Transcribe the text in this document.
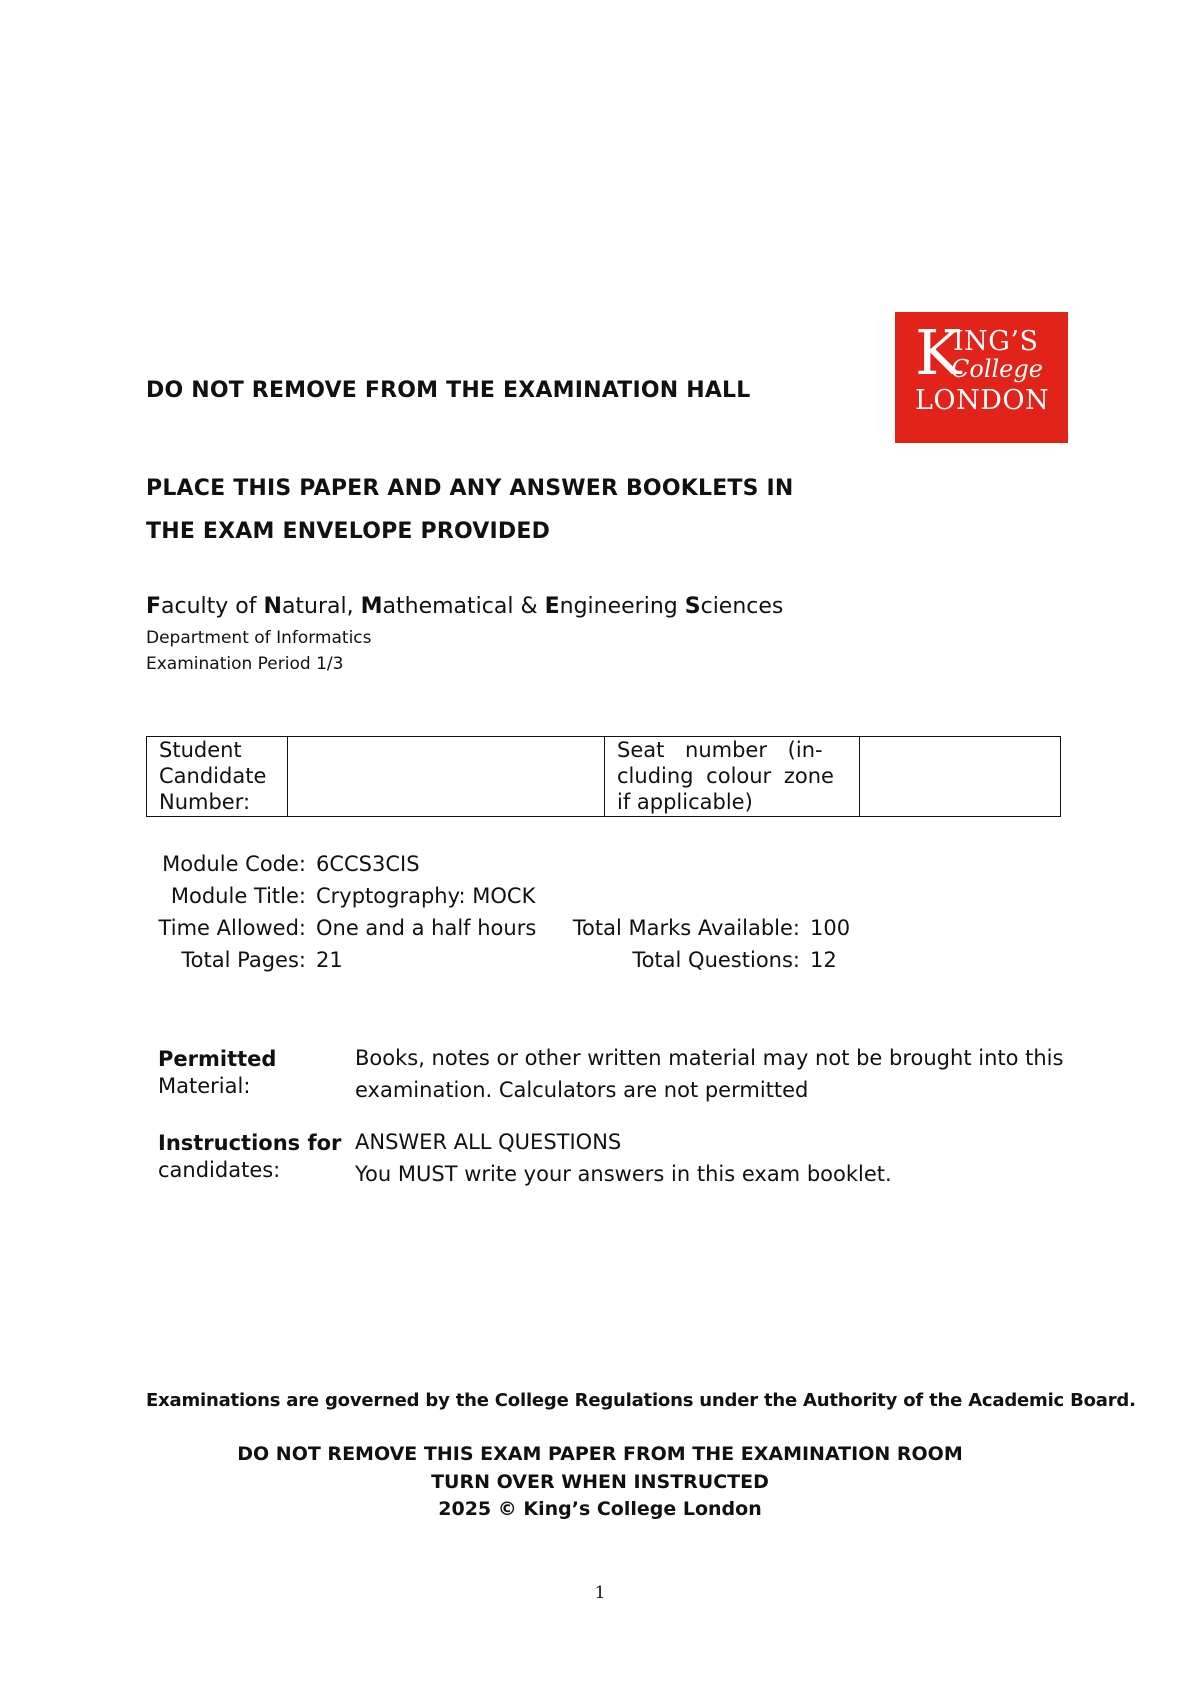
K
ING’S
College
LONDON
DO NOT REMOVE FROM THE EXAMINATION HALL
PLACE THIS PAPER AND ANY ANSWER BOOKLETS IN
THE EXAM ENVELOPE PROVIDED
Faculty of Natural, Mathematical & Engineering Sciences
Department of Informatics
Examination Period 1/3
Student
Candidate
Number:

Seat number (in-
cluding colour zone
if applicable)

Module Code:	6CCS3CIS		
Module Title:	Cryptography: MOCK		
Time Allowed:	One and a half hours	Total Marks Available:	100
Total Pages:	21	Total Questions:	12
Permitted
Material:
Books, notes or other written material may not be brought into this
examination. Calculators are not permitted
Instructions for
candidates:
ANSWER ALL QUESTIONS
You MUST write your answers in this exam booklet.
Examinations are governed by the College Regulations under the Authority of the Academic Board.
DO NOT REMOVE THIS EXAM PAPER FROM THE EXAMINATION ROOM
TURN OVER WHEN INSTRUCTED
2025 © King’s College London
1
